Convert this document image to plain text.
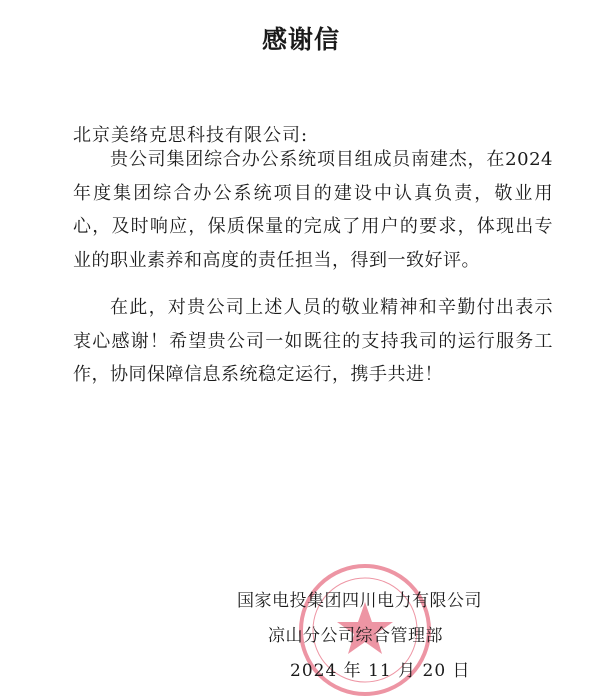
感谢信
北京美络克思科技有限公司:

贵公司集团综合办公系统项目组成员南建杰，在2024年度集团综合办公系统项目的建设中认真负责，敬业用心，及时响应，保质保量的完成了用户的要求，体现出专业的职业素养和高度的责任担当，得到一致好评。

在此，对贵公司上述人员的敬业精神和辛勤付出表示衷心感谢！希望贵公司一如既往的支持我司的运行服务工作，协同保障信息系统稳定运行，携手共进！

国家电投集团四川电力有限公司
凉山分公司综合管理部
2024 年 11 月 20 日
